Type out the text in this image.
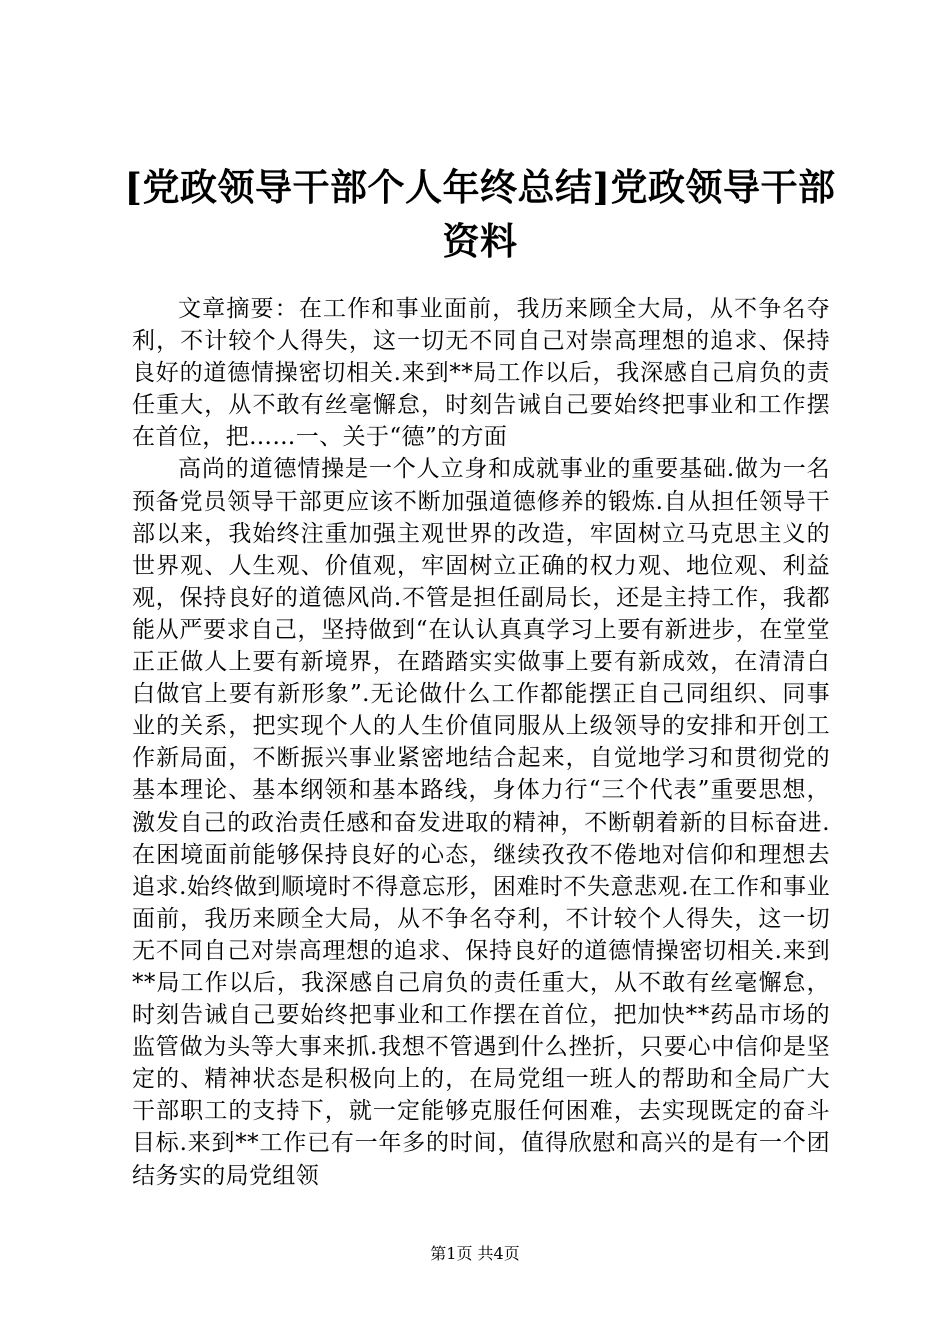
[党政领导干部个人年终总结]党政领导干部资料

文章摘要：在工作和事业面前，我历来顾全大局，从不争名夺利，不计较个人得失，这一切无不同自己对崇高理想的追求、保持良好的道德情操密切相关.来到**局工作以后，我深感自己肩负的责任重大，从不敢有丝毫懈怠，时刻告诫自己要始终把事业和工作摆在首位，把……一、关于“德”的方面

高尚的道德情操是一个人立身和成就事业的重要基础.做为一名预备党员领导干部更应该不断加强道德修养的锻炼.自从担任领导干部以来，我始终注重加强主观世界的改造，牢固树立马克思主义的世界观、人生观、价值观，牢固树立正确的权力观、地位观、利益观，保持良好的道德风尚.不管是担任副局长，还是主持工作，我都能从严要求自己，坚持做到“在认认真真学习上要有新进步，在堂堂正正做人上要有新境界，在踏踏实实做事上要有新成效，在清清白白做官上要有新形象”.无论做什么工作都能摆正自己同组织、同事业的关系，把实现个人的人生价值同服从上级领导的安排和开创工作新局面，不断振兴事业紧密地结合起来，自觉地学习和贯彻党的基本理论、基本纲领和基本路线，身体力行“三个代表”重要思想，激发自己的政治责任感和奋发进取的精神，不断朝着新的目标奋进.在困境面前能够保持良好的心态，继续孜孜不倦地对信仰和理想去追求.始终做到顺境时不得意忘形，困难时不失意悲观.在工作和事业面前，我历来顾全大局，从不争名夺利，不计较个人得失，这一切无不同自己对崇高理想的追求、保持良好的道德情操密切相关.来到**局工作以后，我深感自己肩负的责任重大，从不敢有丝毫懈怠，时刻告诫自己要始终把事业和工作摆在首位，把加快**药品市场的监管做为头等大事来抓.我想不管遇到什么挫折，只要心中信仰是坚定的、精神状态是积极向上的，在局党组一班人的帮助和全局广大干部职工的支持下，就一定能够克服任何困难，去实现既定的奋斗目标.来到**工作已有一年多的时间，值得欣慰和高兴的是有一个团结务实的局党组领

第1页 共4页
